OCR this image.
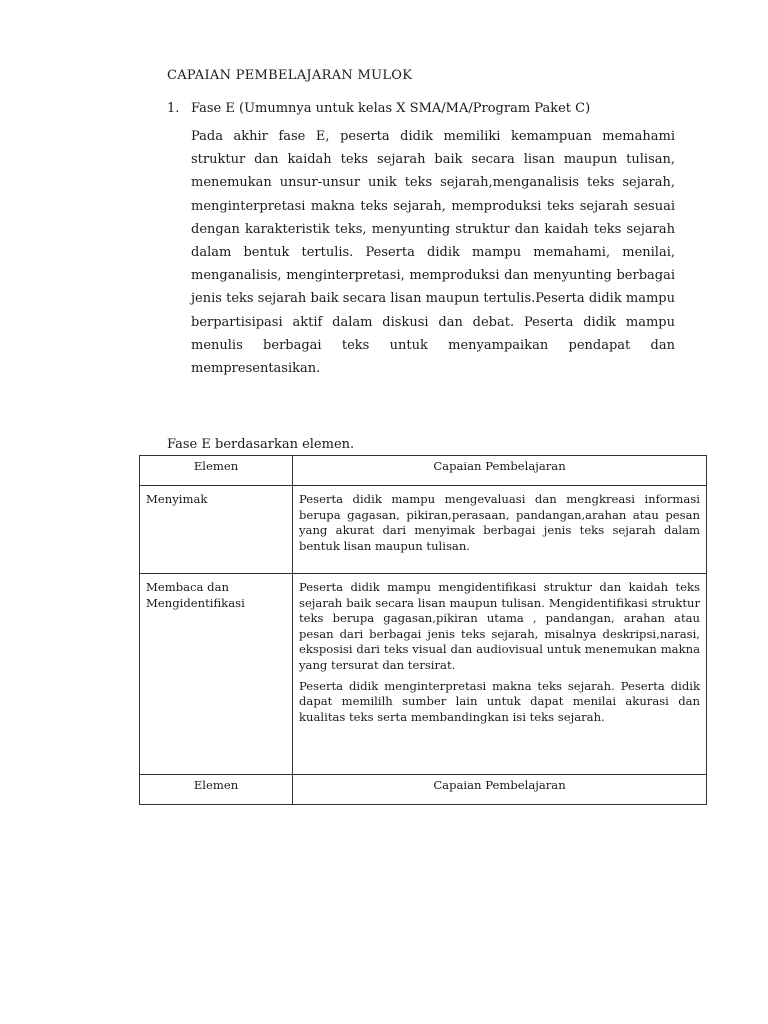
CAPAIAN PEMBELAJARAN MULOK
1. Fase E (Umumnya untuk kelas X SMA/MA/Program Paket C)
Pada akhir fase E, peserta didik memiliki kemampuan memahami struktur dan kaidah teks sejarah baik secara lisan maupun tulisan, menemukan unsur-unsur unik teks sejarah,menganalisis teks sejarah, menginterpretasi makna teks sejarah, memproduksi teks sejarah sesuai dengan karakteristik teks, menyunting struktur dan kaidah teks sejarah dalam bentuk tertulis. Peserta didik mampu memahami, menilai, menganalisis, menginterpretasi, memproduksi dan menyunting berbagai jenis teks sejarah baik secara lisan maupun tertulis.Peserta didik mampu berpartisipasi aktif dalam diskusi dan debat. Peserta didik mampu menulis berbagai teks untuk menyampaikan pendapat dan mempresentasikan.
Fase E berdasarkan elemen.
Elemen	Capaian Pembelajaran
Menyimak	Peserta didik mampu mengevaluasi dan mengkreasi informasi berupa gagasan, pikiran,perasaan, pandangan,arahan atau pesan yang akurat dari menyimak berbagai jenis teks sejarah dalam bentuk lisan maupun tulisan.

Membaca dan Mengidentifikasi	Peserta didik mampu mengidentifikasi struktur dan kaidah teks sejarah baik secara lisan maupun tulisan. Mengidentifikasi struktur teks berupa gagasan,pikiran utama , pandangan, arahan atau pesan dari berbagai jenis teks sejarah, misalnya deskripsi,narasi, eksposisi dari teks visual dan audiovisual untuk menemukan makna yang tersurat dan tersirat.

Peserta didik menginterpretasi makna teks sejarah. Peserta didik dapat memililh sumber lain untuk dapat menilai akurasi dan kualitas teks serta membandingkan isi teks sejarah.

Elemen	Capaian Pembelajaran
